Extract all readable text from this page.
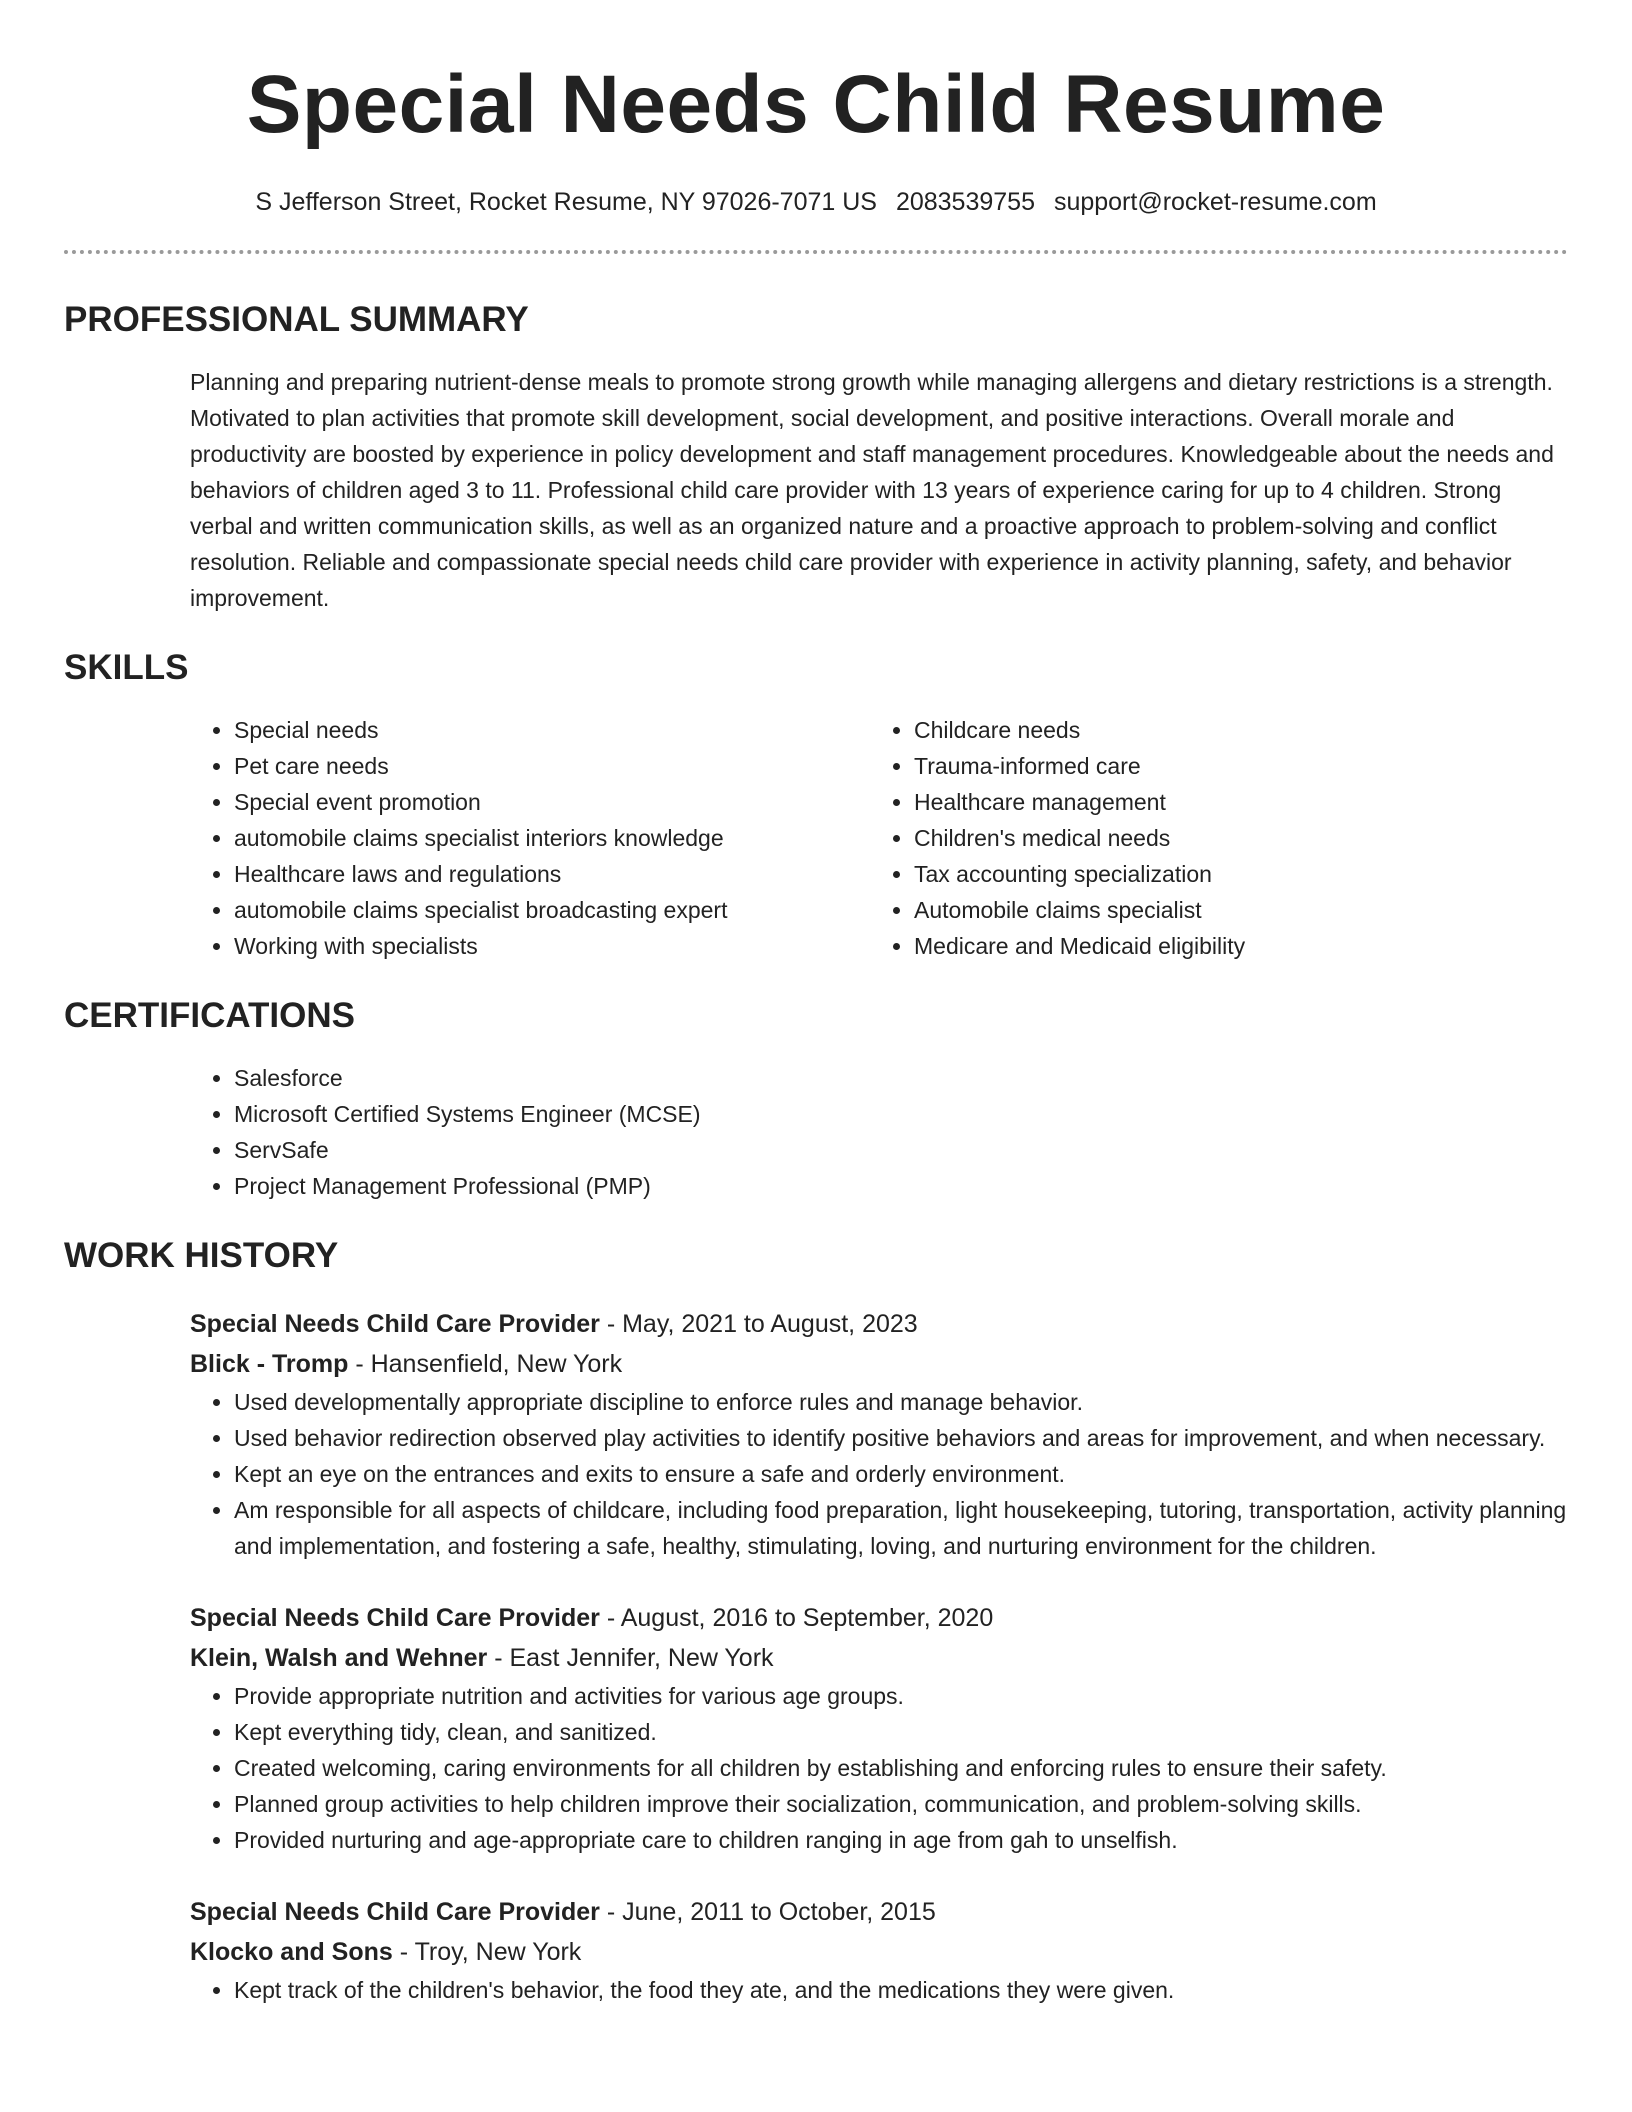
Special Needs Child Resume
S Jefferson Street, Rocket Resume, NY 97026-7071 US 2083539755 support@rocket-resume.com
PROFESSIONAL SUMMARY

Planning and preparing nutrient-dense meals to promote strong growth while managing allergens and dietary restrictions is a strength. Motivated to plan activities that promote skill development, social development, and positive interactions. Overall morale and productivity are boosted by experience in policy development and staff management procedures. Knowledgeable about the needs and behaviors of children aged 3 to 11. Professional child care provider with 13 years of experience caring for up to 4 children. Strong verbal and written communication skills, as well as an organized nature and a proactive approach to problem-solving and conflict resolution. Reliable and compassionate special needs child care provider with experience in activity planning, safety, and behavior improvement.

SKILLS
• Special needs
• Pet care needs
• Special event promotion
• automobile claims specialist interiors knowledge
• Healthcare laws and regulations
• automobile claims specialist broadcasting expert
• Working with specialists
• Childcare needs
• Trauma-informed care
• Healthcare management
• Children's medical needs
• Tax accounting specialization
• Automobile claims specialist
• Medicare and Medicaid eligibility
CERTIFICATIONS
• Salesforce
• Microsoft Certified Systems Engineer (MCSE)
• ServSafe
• Project Management Professional (PMP)
WORK HISTORY
Special Needs Child Care Provider - May, 2021 to August, 2023
Blick - Tromp - Hansenfield, New York
• Used developmentally appropriate discipline to enforce rules and manage behavior.
• Used behavior redirection observed play activities to identify positive behaviors and areas for improvement, and when necessary.
• Kept an eye on the entrances and exits to ensure a safe and orderly environment.
• Am responsible for all aspects of childcare, including food preparation, light housekeeping, tutoring, transportation, activity planning and implementation, and fostering a safe, healthy, stimulating, loving, and nurturing environment for the children.
Special Needs Child Care Provider - August, 2016 to September, 2020
Klein, Walsh and Wehner - East Jennifer, New York
• Provide appropriate nutrition and activities for various age groups.
• Kept everything tidy, clean, and sanitized.
• Created welcoming, caring environments for all children by establishing and enforcing rules to ensure their safety.
• Planned group activities to help children improve their socialization, communication, and problem-solving skills.
• Provided nurturing and age-appropriate care to children ranging in age from gah to unselfish.
Special Needs Child Care Provider - June, 2011 to October, 2015
Klocko and Sons - Troy, New York
• Kept track of the children's behavior, the food they ate, and the medications they were given.
